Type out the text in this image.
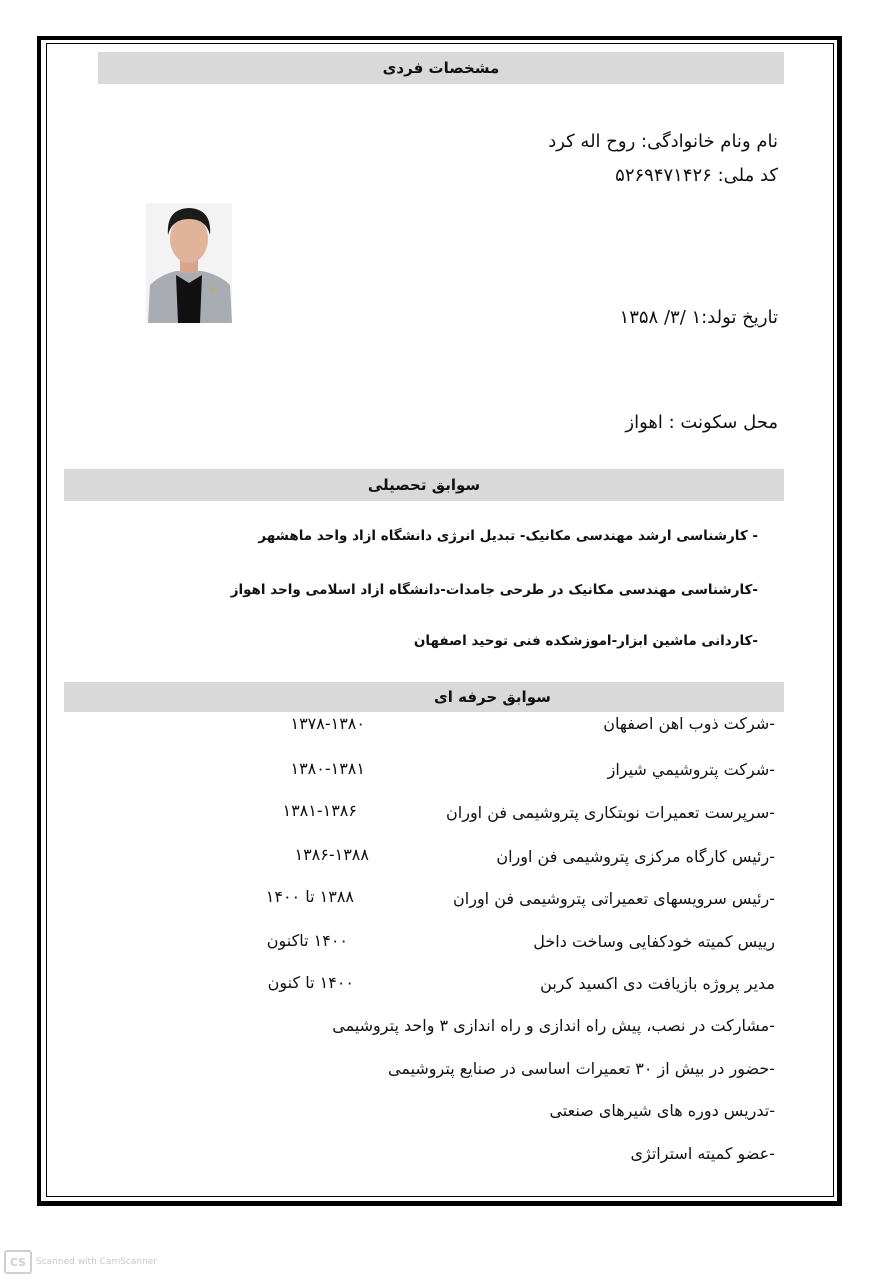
مشخصات فردی
نام ونام خانوادگی: روح اله کرد
کد ملی: ۵۲۶۹۴۷۱۴۲۶
تاریخ تولد:۱ /۳/ ۱۳۵۸
محل سکونت : اهواز
سوابق تحصیلی
- کارشناسی ارشد مهندسی مکانیک- تبدیل انرژی دانشگاه ازاد واحد ماهشهر
-کارشناسی مهندسی مکانیک در طرحی جامدات-دانشگاه ازاد اسلامی واحد اهواز
-کاردانی ماشین ابزار-اموزشکده فنی توحید اصفهان
سوابق حرفه ای
-شرکت ذوب اهن اصفهان
۱۳۷۸-۱۳۸۰
-شرکت پتروشيمي شيراز
۱۳۸۰-۱۳۸۱
-سرپرست تعمیرات نوبتکاری پتروشیمی فن اوران
۱۳۸۱-۱۳۸۶
-رئیس کارگاه مرکزی پتروشیمی فن اوران
۱۳۸۶-۱۳۸۸
-رئیس سرویسهای تعمیراتی پتروشیمی فن اوران
۱۳۸۸ تا ۱۴۰۰
رییس کمیته خودکفایی وساخت داخل
۱۴۰۰ تاکنون
مدیر پروژه بازیافت دی اکسید کربن
۱۴۰۰ تا کنون
-مشارکت در نصب، پیش راه اندازی و راه اندازی ۳ واحد پتروشیمی
-حضور در بیش از ۳۰ تعمیرات اساسی در صنایع پتروشیمی
-تدریس دوره های شیرهای صنعتی
-عضو کمیته استراتژی
CS	Scanned with CamScanner
